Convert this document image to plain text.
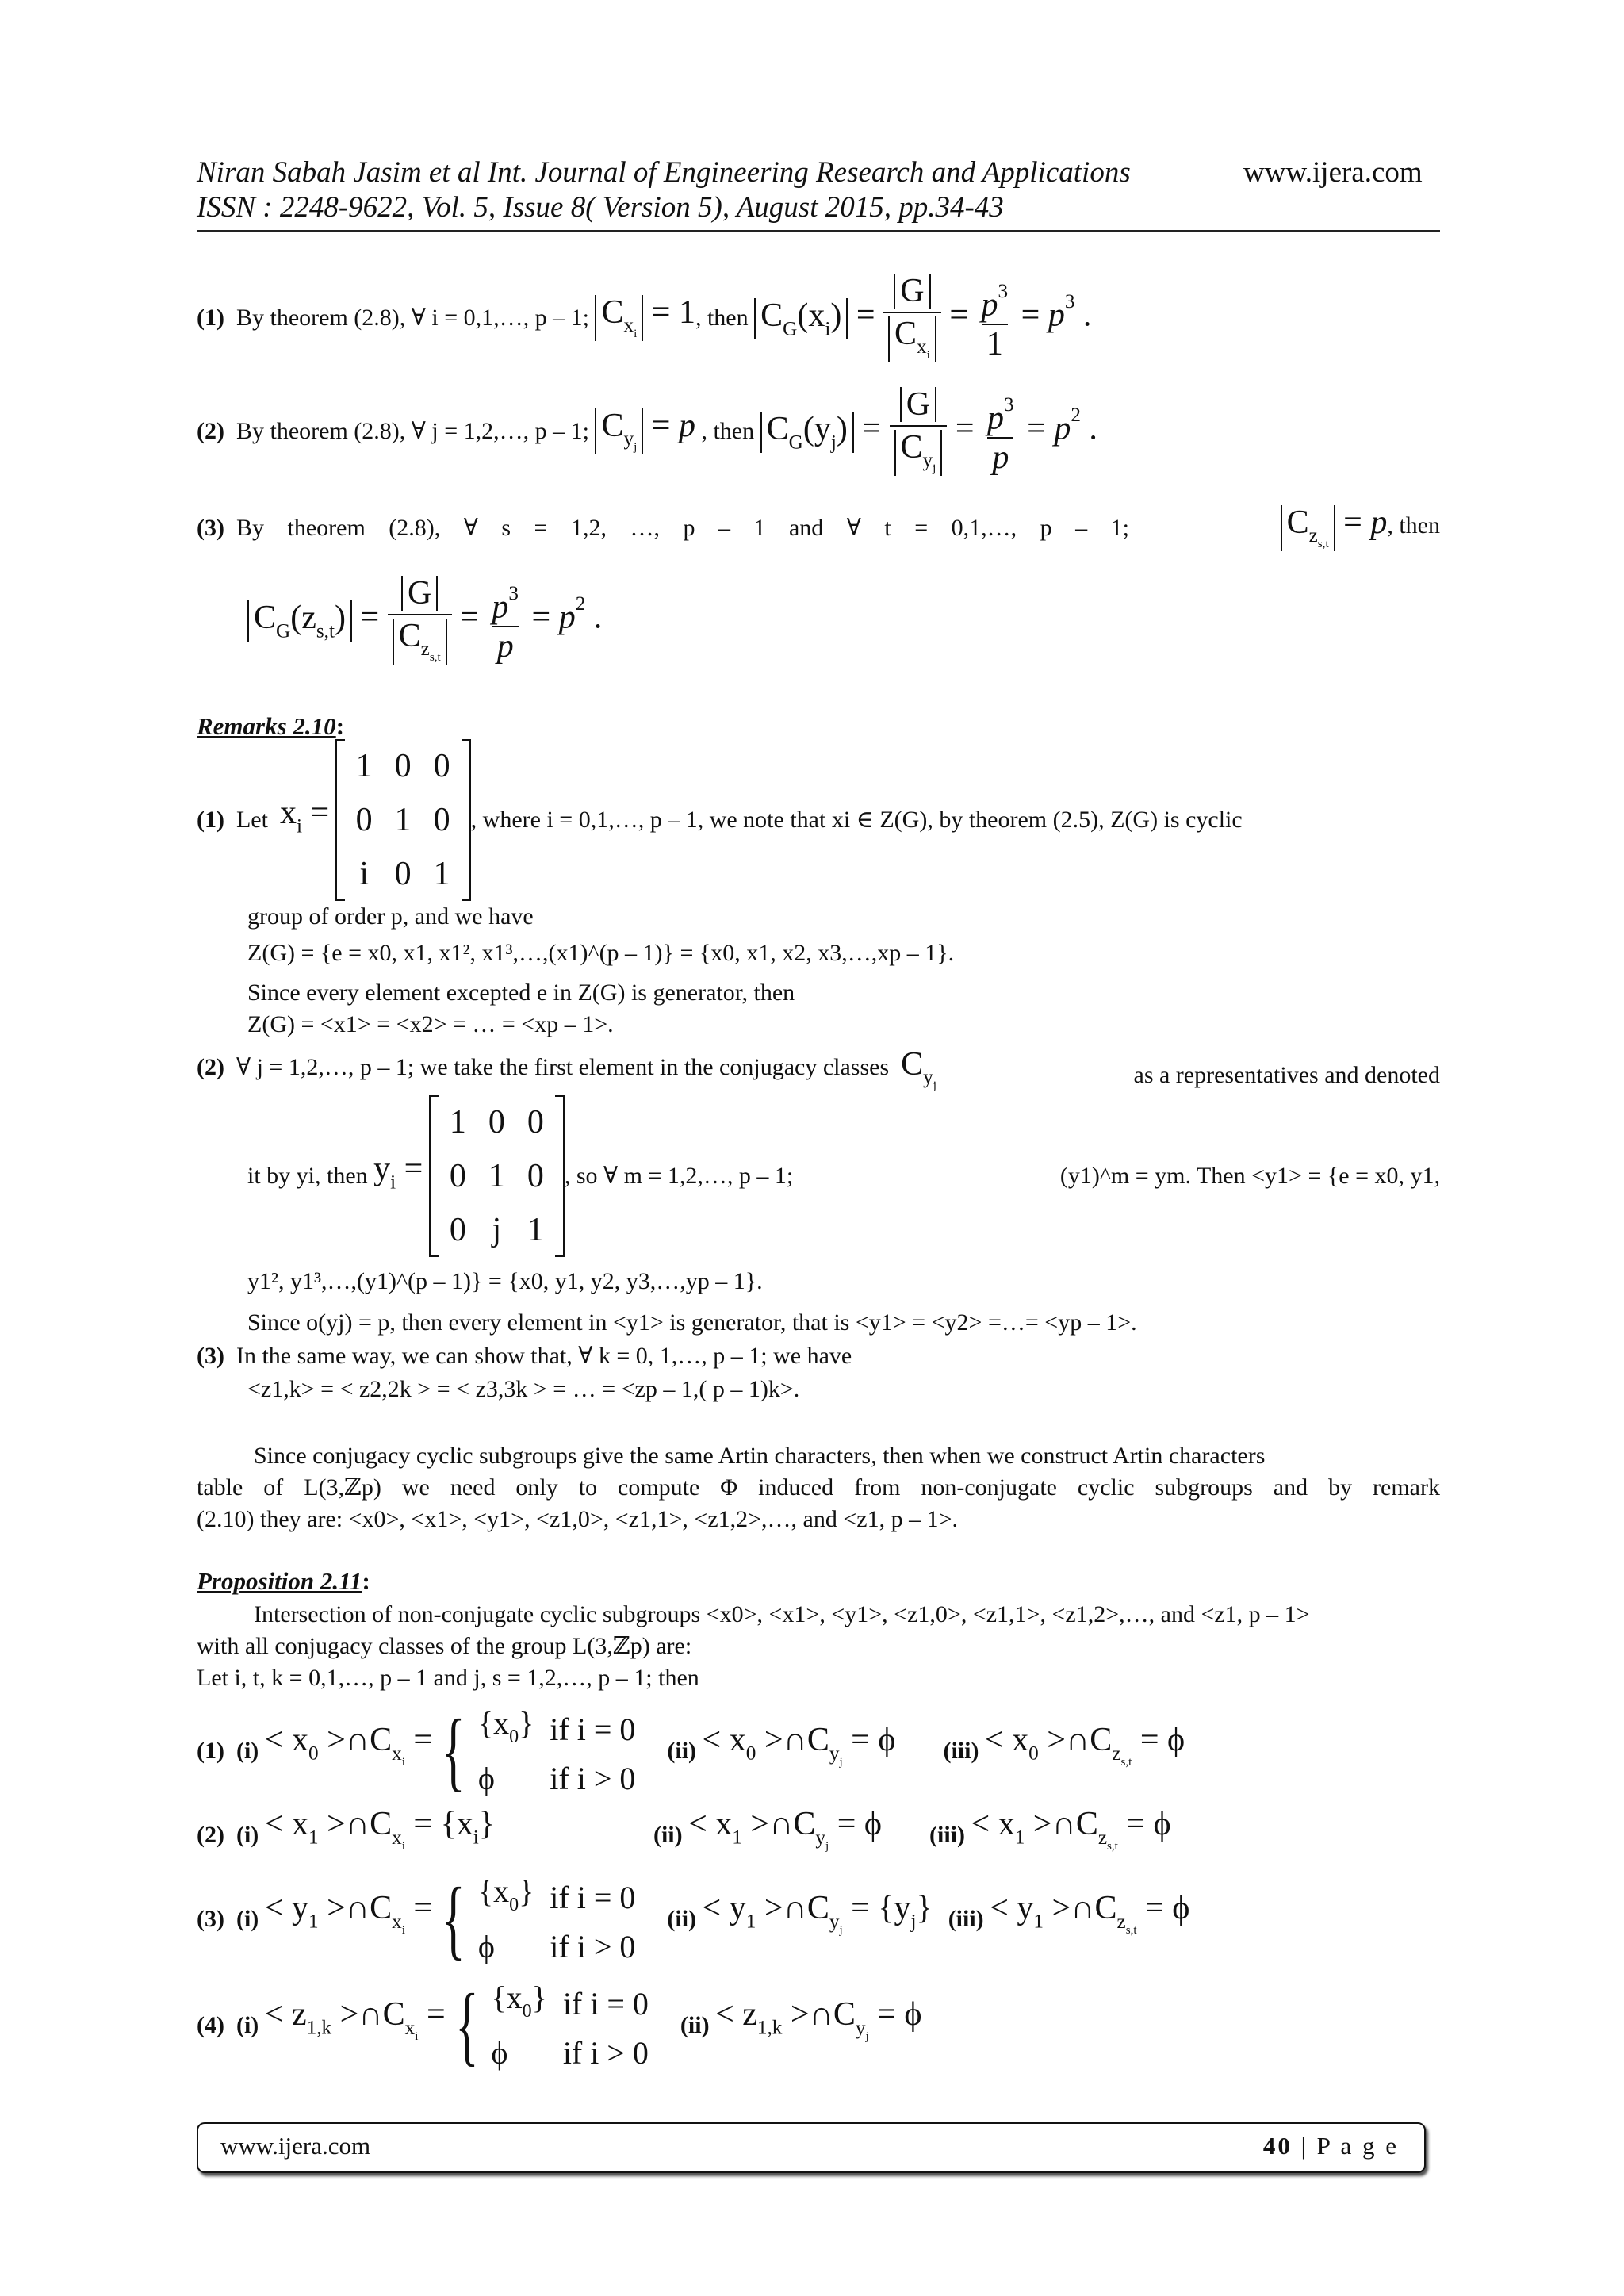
Niran Sabah Jasim et al Int. Journal of Engineering Research and Applications	www.ijera.com
ISSN : 2248-9622, Vol. 5, Issue 8( Version 5), August 2015, pp.34-43
(1)
By theorem (2.8), ∀ i = 0,1,…, p – 1;
$C_{x_i} = 1$ , then
$C_G(x_i) = \frac{G}{C_{x_i}} = \frac{p^3}{1} = p^3$ .
(2)
By theorem (2.8), ∀ j = 1,2,…, p – 1;
$C_{y_j} = p$
, then
$C_G(y_j) = \frac{G}{C_{y_j}} = \frac{p^3}{p} = p^2$ .
(3) By theorem (2.8), ∀ s = 1,2, …, p – 1 and ∀ t = 0,1,…, p – 1;	$C_{z_{s,t}} = p$, then
$C_G(z_{s,t}) = \frac{G}{C_{z_{s,t}}} = \frac{p^3}{p} = p^2$ .
Remarks 2.10:
(1)
Let
$x_i$ =

1	0	0
0	1	0
i	0	1
, where i = 0,1,…, p – 1, we note that xi ∈ Z(G), by theorem (2.5), Z(G) is cyclic
group of order p, and we have
Z(G) = {e = x0, x1, x1², x1³,…,(x1)^(p – 1)} = {x0, x1, x2, x3,…,xp – 1}.
Since every element excepted e in Z(G) is generator, then
Z(G) = <x1> = <x2> = … = <xp – 1>.
(2) ∀ j = 1,2,…, p – 1; we take the first element in the conjugacy classes $C_{y_j}$	as a representatives and denoted
it by yi, then
$y_i$ =

1	0	0
0	1	0
0	j	1
, so ∀ m = 1,2,…, p – 1;	(y1)^m = ym. Then <y1> = {e = x0, y1,
y1², y1³,…,(y1)^(p – 1)} = {x0, y1, y2, y3,…,yp – 1}.
Since o(yj) = p, then every element in <y1> is generator, that is <y1> = <y2> =…= <yp – 1>.
(3) In the same way, we can show that, ∀ k = 0, 1,…, p – 1; we have
<z1,k> = < z2,2k > = < z3,3k > = … = <zp – 1,( p – 1)k>.
Since conjugacy cyclic subgroups give the same Artin characters, then when we construct Artin characters
table of L(3,ℤp) we need only to compute Φ induced from non-conjugate cyclic subgroups and by remark
(2.10) they are: <x0>, <x1>, <y1>, <z1,0>, <z1,1>, <z1,2>,…, and <z1, p – 1>.
Proposition 2.11:
Intersection of non-conjugate cyclic subgroups <x0>, <x1>, <y1>, <z1,0>, <z1,1>, <z1,2>,…, and <z1, p – 1>
with all conjugacy classes of the group L(3,ℤp) are:
Let i, t, k = 0,1,…, p – 1 and j, s = 1,2,…, p – 1; then
(1)
(i)
< $x_0$ $>\cap C_{x_i}$ = { $\{x_0\}$	if i = 0
ϕ	if i > 0
(ii)
< $x_0$ $>\cap C_{y_j} = \phi$ (iii)
< $x_0$ $>\cap C_{z_{s,t}} = \phi$
(2)
(i)
< $x_1$ $>\cap C_{x_i} = \{x_i\}$	(ii)
< $x_1$ $>\cap C_{y_j} = \phi$ (iii)
< $x_1$ $>\cap C_{z_{s,t}} = \phi$
(3)
(i)
< $y_1$ $>\cap C_{x_i}$ = { $\{x_0\}$	if i = 0
ϕ	if i > 0
(ii)
< $y_1$ $>\cap C_{y_j} = \{y_j\}$ (iii)
< $y_1$ $>\cap C_{z_{s,t}} = \phi$
(4)
(i)
< $z_{1,k}$ $>\cap C_{x_i}$ = { $\{x_0\}$	if i = 0
ϕ	if i > 0
(ii)
< $z_{1,k}$ $>\cap C_{y_j} = \phi$
www.ijera.com	40 | P a g e
